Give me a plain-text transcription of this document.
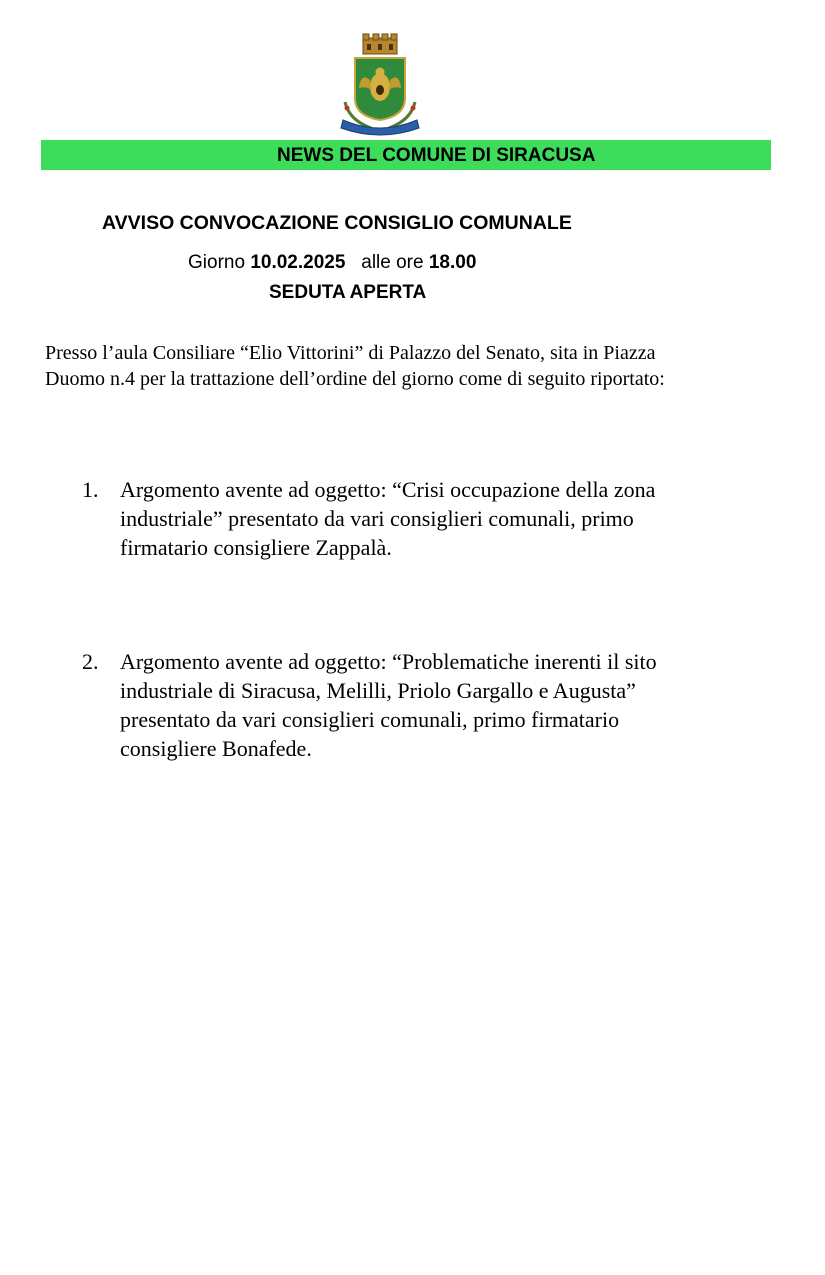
NEWS DEL COMUNE DI SIRACUSA
AVVISO CONVOCAZIONE CONSIGLIO COMUNALE
Giorno 10.02.2025 alle ore 18.00
SEDUTA APERTA
Presso l’aula Consiliare “Elio Vittorini” di Palazzo del Senato, sita in Piazza
Duomo n.4 per la trattazione dell’ordine del giorno come di seguito riportato:
1. Argomento avente ad oggetto: “Crisi occupazione della zona
industriale” presentato da vari consiglieri comunali, primo
firmatario consigliere Zappalà.
2. Argomento avente ad oggetto: “Problematiche inerenti il sito
industriale di Siracusa, Melilli, Priolo Gargallo e Augusta”
presentato da vari consiglieri comunali, primo firmatario
consigliere Bonafede.
